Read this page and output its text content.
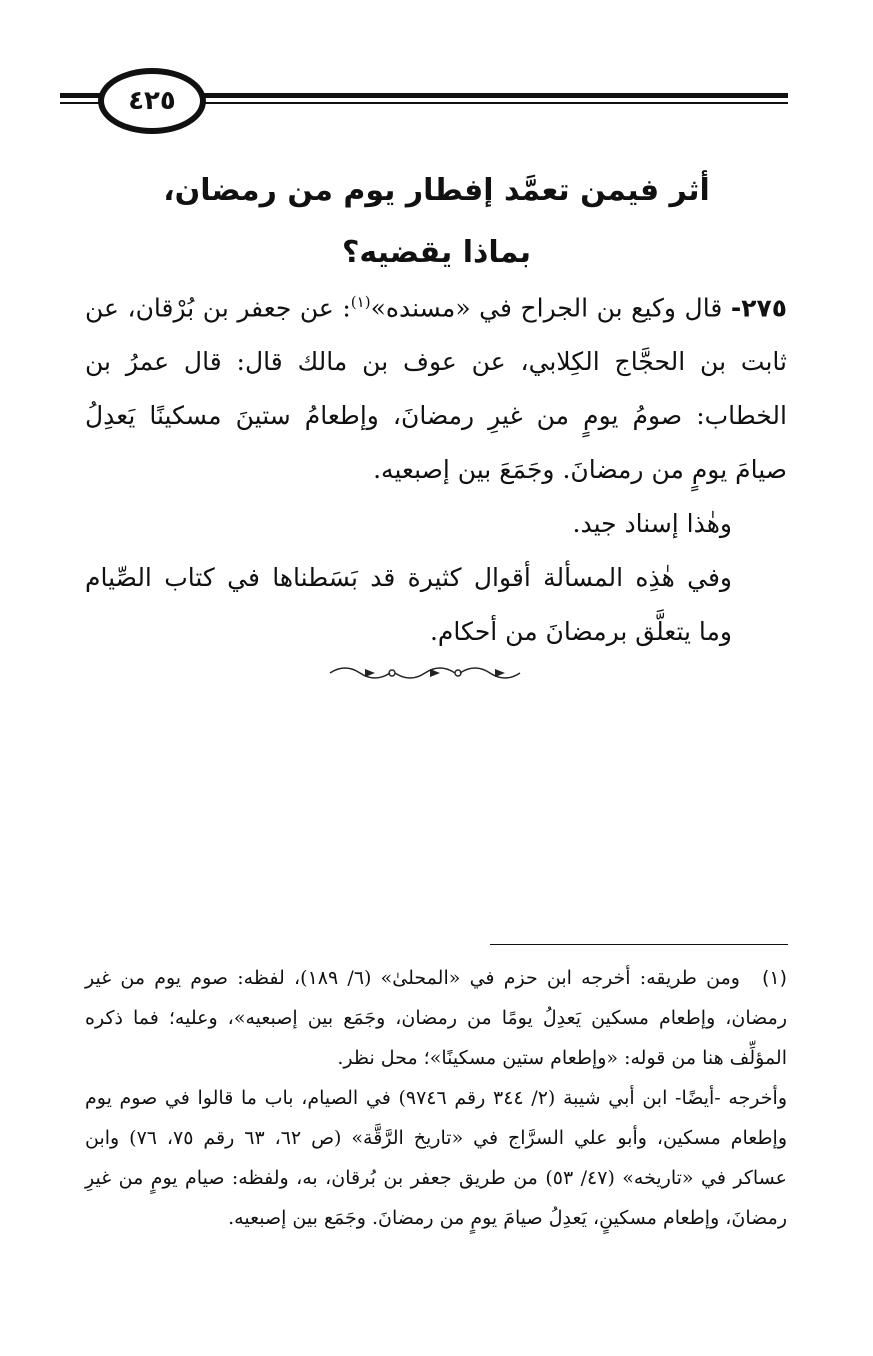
٤٢٥

أثر فيمن تعمَّد إفطار يوم من رمضان،

بماذا يقضيه؟

٢٧٥- قال وكيع بن الجراح في «مسنده»$^{(١)}$: عن جعفر بن بُرْقان، عن ثابت بن الحجَّاج الكِلابي، عن عوف بن مالك قال: قال عمرُ بن الخطاب: صومُ يومٍ من غيرِ رمضانَ، وإطعامُ ستينَ مسكينًا يَعدِلُ صيامَ يومٍ من رمضانَ. وجَمَعَ بين إصبعيه.

وهٰذا إسناد جيد.

وفي هٰذِه المسألة أقوال كثيرة قد بَسَطناها في كتاب الصِّيام وما يتعلَّق برمضانَ من أحكام.

(١)ومن طريقه: أخرجه ابن حزم في «المحلىٰ» (٦/ ١٨٩)، لفظه: صوم يوم من غير رمضان، وإطعام مسكين يَعدِلُ يومًا من رمضان، وجَمَع بين إصبعيه»، وعليه؛ فما ذكره المؤلِّف هنا من قوله: «وإطعام ستين مسكينًا»؛ محل نظر.

وأخرجه -أيضًا- ابن أبي شيبة (٢/ ٣٤٤ رقم ٩٧٤٦) في الصيام، باب ما قالوا في صوم يوم وإطعام مسكين، وأبو علي السرَّاج في «تاريخ الرَّقَّة» (ص ٦٢، ٦٣ رقم ٧٥، ٧٦) وابن عساكر في «تاريخه» (٤٧/ ٥٣) من طريق جعفر بن بُرقان، به، ولفظه: صيام يومٍ من غيرِ رمضانَ، وإطعام مسكينٍ، يَعدِلُ صيامَ يومٍ من رمضانَ. وجَمَع بين إصبعيه.
